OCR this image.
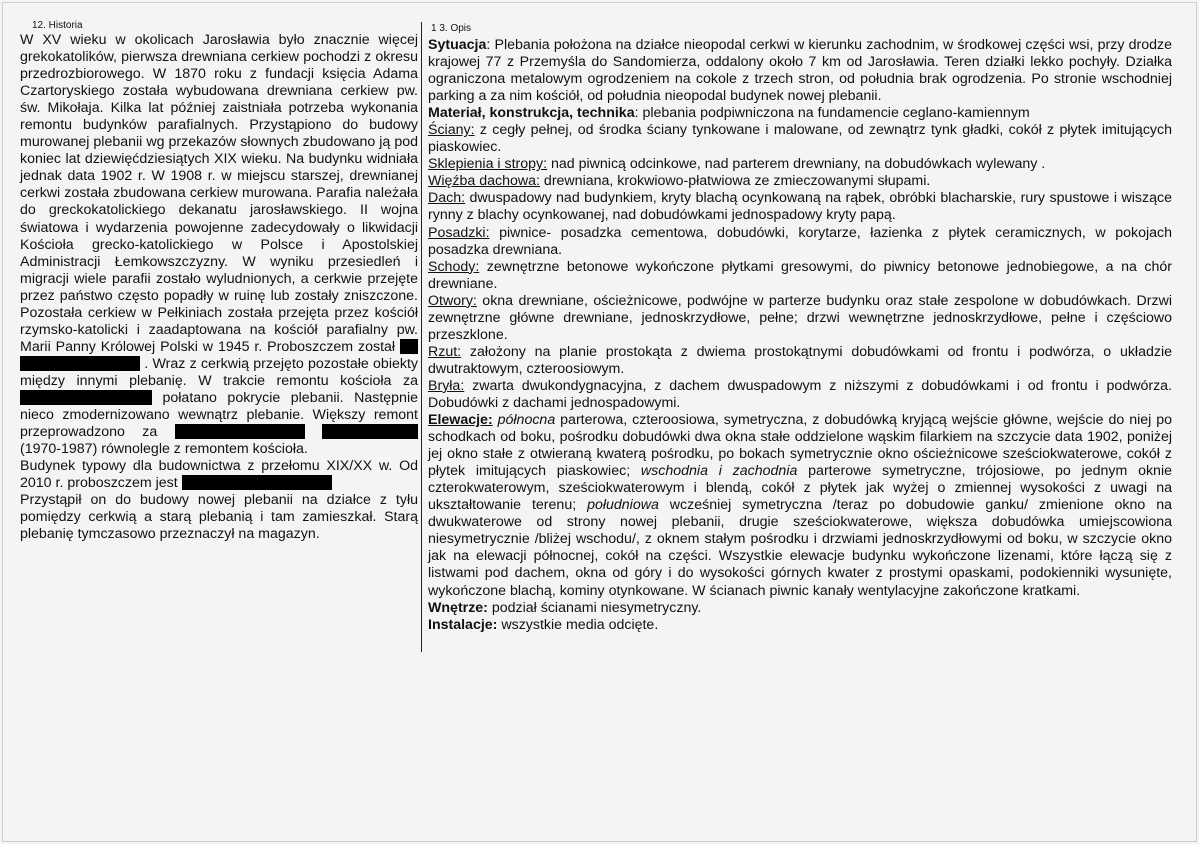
12. Historia

W XV wieku w okolicach Jarosławia było znacznie więcej grekokatolików, pierwsza drewniana cerkiew pochodzi z okresu przedrozbiorowego. W 1870 roku z fundacji księcia Adama Czartoryskiego została wybudowana drewniana cerkiew pw. św. Mikołaja. Kilka lat później zaistniała potrzeba wykonania remontu budynków parafialnych. Przystąpiono do budowy murowanej plebanii wg przekazów słownych zbudowano ją pod koniec lat dziewięćdziesiątych XIX wieku. Na budynku widniała jednak data 1902 r. W 1908 r. w miejscu starszej, drewnianej cerkwi została zbudowana cerkiew murowana. Parafia należała do greckokatolickiego dekanatu jarosławskiego. II wojna światowa i wydarzenia powojenne zadecydowały o likwidacji Kościoła grecko-katolickiego w Polsce i Apostolskiej Administracji Łemkowszczyzny. W wyniku przesiedleń i migracji wiele parafii zostało wyludnionych, a cerkwie przejęte przez państwo często popadły w ruinę lub zostały zniszczone. Pozostała cerkiew w Pełkiniach została przejęta przez kościół rzymsko-katolicki i zaadaptowana na kościół parafialny pw. Marii Panny Królowej Polski w 1945 r. Proboszczem został   . Wraz z cerkwią przejęto pozostałe obiekty między innymi plebanię. W trakcie remontu kościoła za  połatano pokrycie plebanii. Następnie nieco zmodernizowano wewnątrz plebanie. Większy remont przeprowadzono za   (1970-1987) równolegle z remontem kościoła.

Budynek typowy dla budownictwa z przełomu XIX/XX w. Od 2010 r. proboszczem jest

Przystąpił on do budowy nowej plebanii na działce z tyłu pomiędzy cerkwią a starą plebanią i tam zamieszkał. Starą plebanię tymczasowo przeznaczył na magazyn.

1 3. Opis

Sytuacja: Plebania położona na działce nieopodal cerkwi w kierunku zachodnim, w środkowej części wsi, przy drodze krajowej 77 z Przemyśla do Sandomierza, oddalony około 7 km od Jarosławia. Teren działki lekko pochyły. Działka ograniczona metalowym ogrodzeniem na cokole z trzech stron, od południa brak ogrodzenia. Po stronie wschodniej parking a za nim kościół, od południa nieopodal budynek nowej plebanii.

Materiał, konstrukcja, technika: plebania podpiwniczona na fundamencie ceglano-kamiennym

Ściany: z cegły pełnej, od środka ściany tynkowane i malowane, od zewnątrz tynk gładki, cokół z płytek imitujących piaskowiec.

Sklepienia i stropy: nad piwnicą odcinkowe, nad parterem drewniany, na dobudówkach wylewany .

Więźba dachowa: drewniana, krokwiowo-płatwiowa ze zmieczowanymi słupami.

Dach: dwuspadowy nad budynkiem, kryty blachą ocynkowaną na rąbek, obróbki blacharskie, rury spustowe i wiszące rynny z blachy ocynkowanej, nad dobudówkami jednospadowy kryty papą.

Posadzki: piwnice- posadzka cementowa, dobudówki, korytarze, łazienka z płytek ceramicznych, w pokojach posadzka drewniana.

Schody: zewnętrzne betonowe wykończone płytkami gresowymi, do piwnicy betonowe jednobiegowe, a na chór drewniane.

Otwory: okna drewniane, ościeżnicowe, podwójne w parterze budynku oraz stałe zespolone w dobudówkach. Drzwi zewnętrzne główne drewniane, jednoskrzydłowe, pełne; drzwi wewnętrzne jednoskrzydłowe, pełne i częściowo przeszklone.

Rzut: założony na planie prostokąta z dwiema prostokątnymi dobudówkami od frontu i podwórza, o układzie dwutraktowym, czteroosiowym.

Bryła: zwarta dwukondygnacyjna, z dachem dwuspadowym z niższymi z dobudówkami i od frontu i podwórza. Dobudówki z dachami jednospadowymi.

Elewacje: północna parterowa, czteroosiowa, symetryczna, z dobudówką kryjącą wejście główne, wejście do niej po schodkach od boku, pośrodku dobudówki dwa okna stałe oddzielone wąskim filarkiem na szczycie data 1902, poniżej jej okno stałe z otwieraną kwaterą pośrodku, po bokach symetrycznie okno ościeżnicowe sześciokwaterowe, cokół z płytek imitujących piaskowiec; wschodnia i zachodnia parterowe symetryczne, trójosiowe, po jednym oknie czterokwaterowym, sześciokwaterowym i blendą, cokół z płytek jak wyżej o zmiennej wysokości z uwagi na ukształtowanie terenu; południowa wcześniej symetryczna /teraz po dobudowie ganku/ zmienione okno na dwukwaterowe od strony nowej plebanii, drugie sześciokwaterowe, większa dobudówka umiejscowiona niesymetrycznie /bliżej wschodu/, z oknem stałym pośrodku i drzwiami jednoskrzydłowymi od boku, w szczycie okno jak na elewacji północnej, cokół na części. Wszystkie elewacje budynku wykończone lizenami, które łączą się z listwami pod dachem, okna od góry i do wysokości górnych kwater z prostymi opaskami, podokienniki wysunięte, wykończone blachą, kominy otynkowane. W ścianach piwnic kanały wentylacyjne zakończone kratkami.

Wnętrze: podział ścianami niesymetryczny.

Instalacje: wszystkie media odcięte.
